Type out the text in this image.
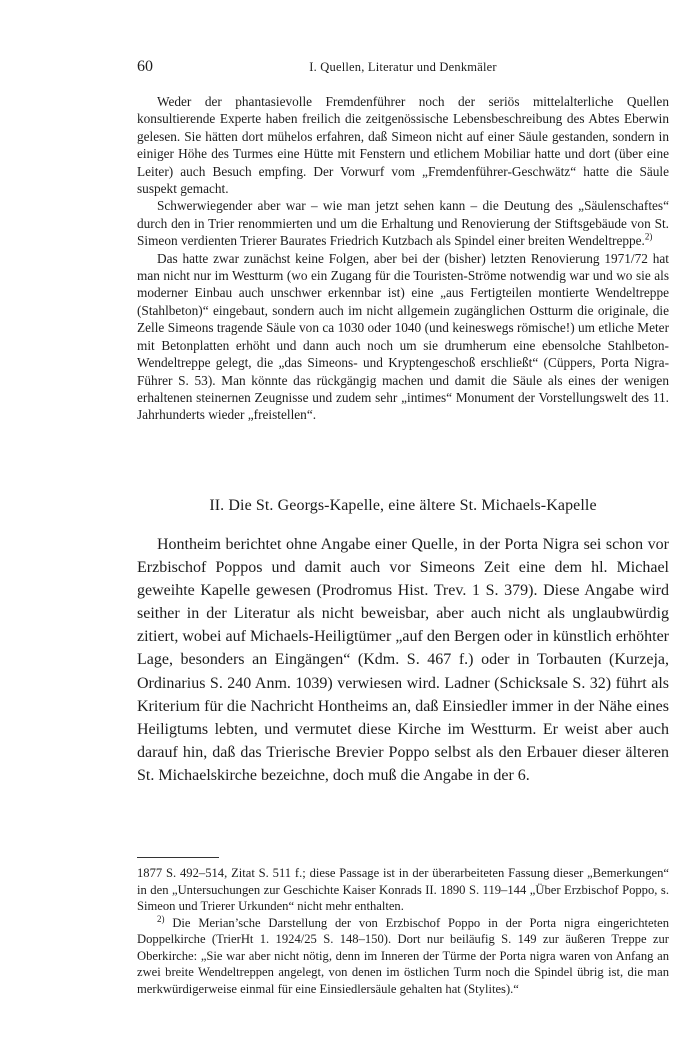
60	I. Quellen, Literatur und Denkmäler

Weder der phantasievolle Fremdenführer noch der seriös mittelalterliche Quellen konsultierende Experte haben freilich die zeitgenössische Lebensbeschreibung des Abtes Eberwin gelesen. Sie hätten dort mühelos erfahren, daß Simeon nicht auf einer Säule gestanden, sondern in einiger Höhe des Turmes eine Hütte mit Fenstern und etlichem Mobiliar hatte und dort (über eine Leiter) auch Besuch empfing. Der Vorwurf vom „Fremdenführer-Geschwätz“ hatte die Säule suspekt gemacht.

Schwerwiegender aber war – wie man jetzt sehen kann – die Deutung des „Säulenschaftes“ durch den in Trier renommierten und um die Erhaltung und Renovierung der Stiftsgebäude von St. Simeon verdienten Trierer Baurates Friedrich Kutzbach als Spindel einer breiten Wendeltreppe.$^{2)}$

Das hatte zwar zunächst keine Folgen, aber bei der (bisher) letzten Renovierung 1971/72 hat man nicht nur im Westturm (wo ein Zugang für die Touristen-Ströme notwendig war und wo sie als moderner Einbau auch unschwer erkennbar ist) eine „aus Fertigteilen montierte Wendeltreppe (Stahlbeton)“ eingebaut, sondern auch im nicht allgemein zugänglichen Ostturm die originale, die Zelle Simeons tragende Säule von ca 1030 oder 1040 (und keineswegs römische!) um etliche Meter mit Betonplatten erhöht und dann auch noch um sie drumherum eine ebensolche Stahlbeton-Wendeltreppe gelegt, die „das Simeons- und Kryptengeschoß erschließt“ (Cüppers, Porta Nigra-Führer S. 53). Man könnte das rückgängig machen und damit die Säule als eines der wenigen erhaltenen steinernen Zeugnisse und zudem sehr „intimes“ Monument der Vorstellungswelt des 11. Jahrhunderts wieder „freistellen“.

II. Die St. Georgs-Kapelle, eine ältere St. Michaels-Kapelle

Hontheim berichtet ohne Angabe einer Quelle, in der Porta Nigra sei schon vor Erzbischof Poppos und damit auch vor Simeons Zeit eine dem hl. Michael geweihte Kapelle gewesen (Prodromus Hist. Trev. 1 S. 379). Diese Angabe wird seither in der Literatur als nicht beweisbar, aber auch nicht als unglaubwürdig zitiert, wobei auf Michaels-Heiligtümer „auf den Bergen oder in künstlich erhöhter Lage, besonders an Eingängen“ (Kdm. S. 467 f.) oder in Torbauten (Kurzeja, Ordinarius S. 240 Anm. 1039) verwiesen wird. Ladner (Schicksale S. 32) führt als Kriterium für die Nachricht Hontheims an, daß Einsiedler immer in der Nähe eines Heiligtums lebten, und vermutet diese Kirche im Westturm. Er weist aber auch darauf hin, daß das Trierische Brevier Poppo selbst als den Erbauer dieser älteren St. Michaelskirche bezeichne, doch muß die Angabe in der 6.

1877 S. 492–514, Zitat S. 511 f.; diese Passage ist in der überarbeiteten Fassung dieser „Bemerkungen“ in den „Untersuchungen zur Geschichte Kaiser Konrads II. 1890 S. 119–144 „Über Erzbischof Poppo, s. Simeon und Trierer Urkunden“ nicht mehr enthalten.

$^{2)}$ Die Merian’sche Darstellung der von Erzbischof Poppo in der Porta nigra eingerichteten Doppelkirche (TrierHt 1. 1924/25 S. 148–150). Dort nur beiläufig S. 149 zur äußeren Treppe zur Oberkirche: „Sie war aber nicht nötig, denn im Inneren der Türme der Porta nigra waren von Anfang an zwei breite Wendeltreppen angelegt, von denen im östlichen Turm noch die Spindel übrig ist, die man merkwürdigerweise einmal für eine Einsiedlersäule gehalten hat (Stylites).“
